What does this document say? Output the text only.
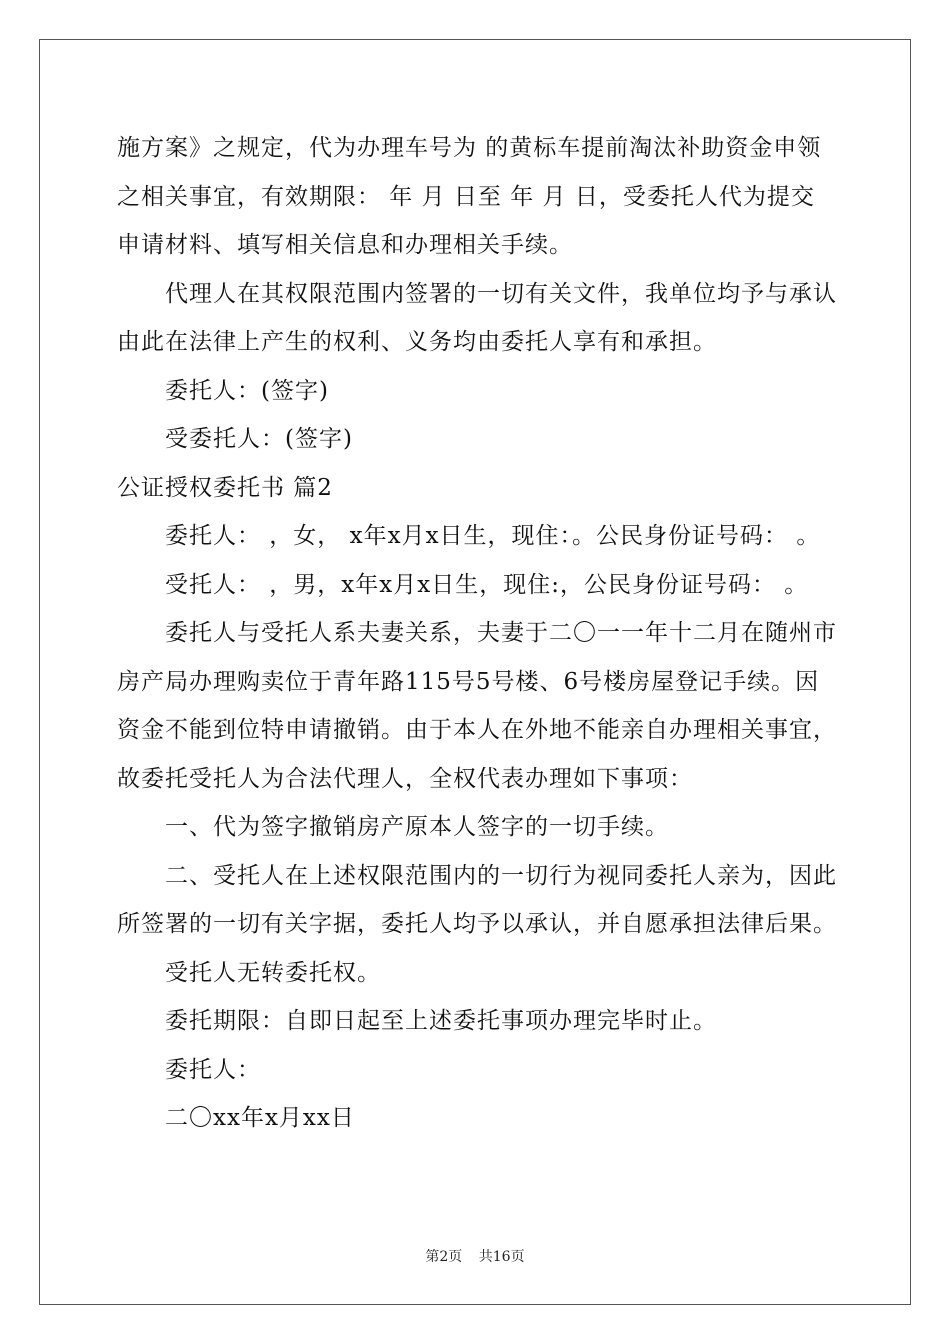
施方案》之规定，代为办理车号为 的黄标车提前淘汰补助资金申领
之相关事宜，有效期限： 年 月 日至 年 月 日，受委托人代为提交
申请材料、填写相关信息和办理相关手续。
代理人在其权限范围内签署的一切有关文件，我单位均予与承认
由此在法律上产生的权利、义务均由委托人享有和承担。
委托人：(签字)
受委托人：(签字)
公证授权委托书 篇2
委托人： ，女， x年x月x日生，现住：。公民身份证号码： 。
受托人： ，男，x年x月x日生，现住:，公民身份证号码： 。
委托人与受托人系夫妻关系，夫妻于二〇一一年十二月在随州市
房产局办理购卖位于青年路115号5号楼、6号楼房屋登记手续。因
资金不能到位特申请撤销。由于本人在外地不能亲自办理相关事宜，
故委托受托人为合法代理人，全权代表办理如下事项：
一、代为签字撤销房产原本人签字的一切手续。
二、受托人在上述权限范围内的一切行为视同委托人亲为，因此
所签署的一切有关字据，委托人均予以承认，并自愿承担法律后果。
受托人无转委托权。
委托期限：自即日起至上述委托事项办理完毕时止。
委托人：
二〇xx年x月xx日
第2页 共16页
